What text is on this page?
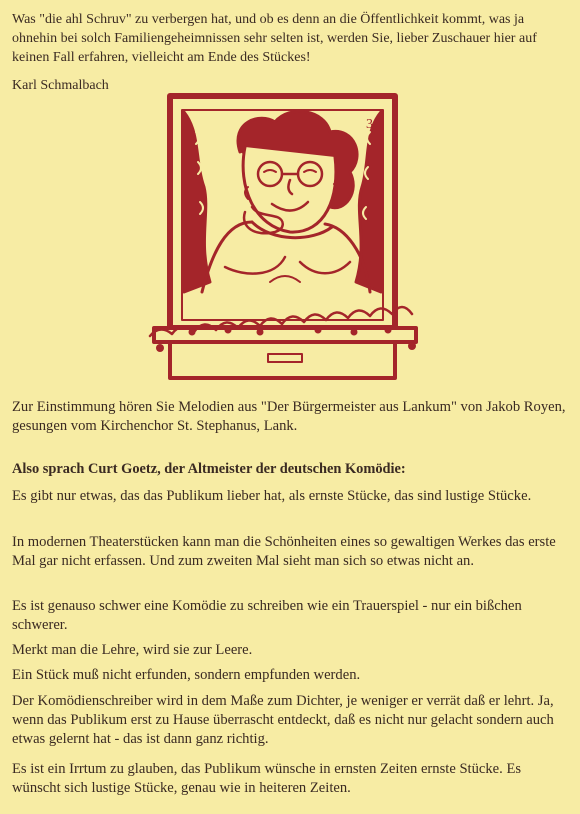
Was "die ahl Schruv" zu verbergen hat, und ob es denn an die Öffentlichkeit kommt, was ja ohnehin bei solch Familiengeheimnissen sehr selten ist, werden Sie, lieber Zuschauer hier auf keinen Fall erfahren, vielleicht am Ende des Stückes!

Karl Schmalbach

3

Zur Einstimmung hören Sie Melodien aus "Der Bürgermeister aus Lankum" von Jakob Royen, gesungen vom Kirchenchor St. Stephanus, Lank.

Also sprach Curt Goetz, der Altmeister der deutschen Komödie:

Es gibt nur etwas, das das Publikum lieber hat, als ernste Stücke, das sind lustige Stücke.

In modernen Theaterstücken kann man die Schönheiten eines so gewaltigen Werkes das erste Mal gar nicht erfassen. Und zum zweiten Mal sieht man sich so etwas nicht an.

Es ist genauso schwer eine Komödie zu schreiben wie ein Trauerspiel - nur ein bißchen schwerer.

Merkt man die Lehre, wird sie zur Leere.

Ein Stück muß nicht erfunden, sondern empfunden werden.

Der Komödienschreiber wird in dem Maße zum Dichter, je weniger er verrät daß er lehrt. Ja, wenn das Publikum erst zu Hause überrascht entdeckt, daß es nicht nur gelacht sondern auch etwas gelernt hat - das ist dann ganz richtig.

Es ist ein Irrtum zu glauben, das Publikum wünsche in ernsten Zeiten ernste Stücke. Es wünscht sich lustige Stücke, genau wie in heiteren Zeiten.
